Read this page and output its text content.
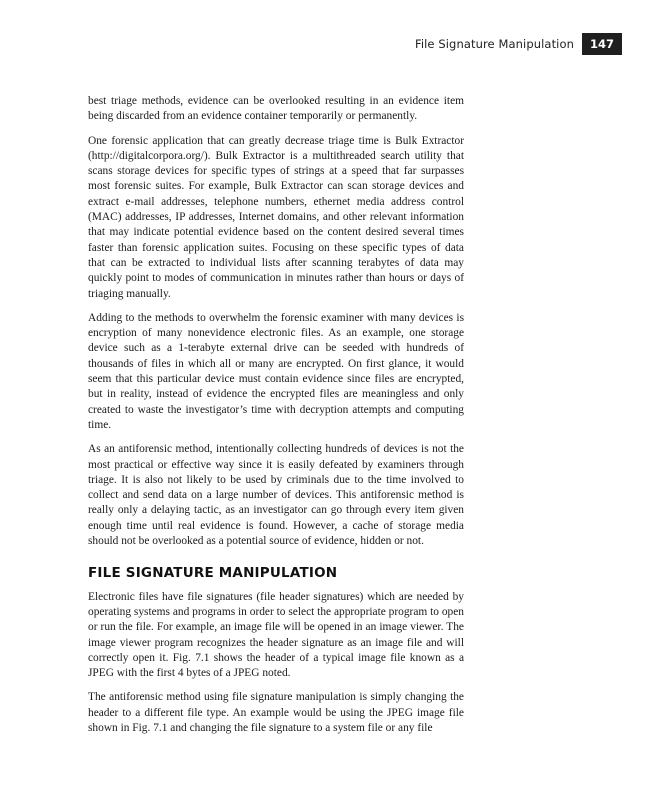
File Signature Manipulation	147

best triage methods, evidence can be overlooked resulting in an evidence item being discarded from an evidence container temporarily or permanently.

One forensic application that can greatly decrease triage time is Bulk Extractor (http://digitalcorpora.org/). Bulk Extractor is a multithreaded search utility that scans storage devices for specific types of strings at a speed that far surpasses most forensic suites. For example, Bulk Extractor can scan storage devices and extract e-mail addresses, telephone numbers, ethernet media address control (MAC) addresses, IP addresses, Internet domains, and other relevant information that may indicate potential evidence based on the content desired several times faster than forensic application suites. Focusing on these specific types of data that can be extracted to individual lists after scanning terabytes of data may quickly point to modes of communication in minutes rather than hours or days of triaging manually.

Adding to the methods to overwhelm the forensic examiner with many devices is encryption of many nonevidence electronic files. As an example, one storage device such as a 1-terabyte external drive can be seeded with hundreds of thousands of files in which all or many are encrypted. On first glance, it would seem that this particular device must contain evidence since files are encrypted, but in reality, instead of evidence the encrypted files are meaningless and only created to waste the investigator’s time with decryption attempts and computing time.

As an antiforensic method, intentionally collecting hundreds of devices is not the most practical or effective way since it is easily defeated by examiners through triage. It is also not likely to be used by criminals due to the time involved to collect and send data on a large number of devices. This antiforensic method is really only a delaying tactic, as an investigator can go through every item given enough time until real evidence is found. However, a cache of storage media should not be overlooked as a potential source of evidence, hidden or not.

FILE SIGNATURE MANIPULATION

Electronic files have file signatures (file header signatures) which are needed by operating systems and programs in order to select the appropriate program to open or run the file. For example, an image file will be opened in an image viewer. The image viewer program recognizes the header signature as an image file and will correctly open it. Fig. 7.1 shows the header of a typical image file known as a JPEG with the first 4 bytes of a JPEG noted.

The antiforensic method using file signature manipulation is simply changing the header to a different file type. An example would be using the JPEG image file shown in Fig. 7.1 and changing the file signature to a system file or any file
